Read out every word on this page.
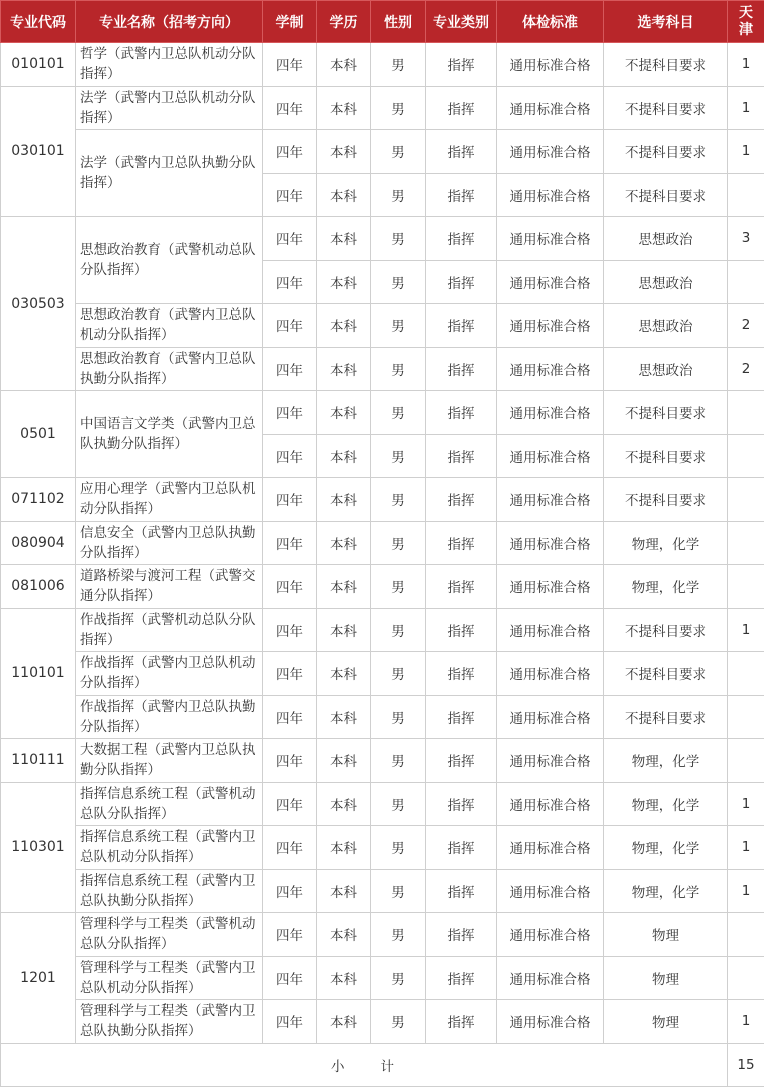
专业代码	专业名称（招考方向）	学制	学历	性别	专业类别	体检标准	选考科目	天
津
010101	哲学（武警内卫总队机动分队指挥）	四年	本科	男	指挥	通用标准合格	不提科目要求	1
030101	法学（武警内卫总队机动分队指挥）	四年	本科	男	指挥	通用标准合格	不提科目要求	1
	法学（武警内卫总队执勤分队指挥）	四年	本科	男	指挥	通用标准合格	不提科目要求	1
		四年	本科	男	指挥	通用标准合格	不提科目要求	
030503	思想政治教育（武警机动总队分队指挥）	四年	本科	男	指挥	通用标准合格	思想政治	3
		四年	本科	男	指挥	通用标准合格	思想政治	
	思想政治教育（武警内卫总队机动分队指挥）	四年	本科	男	指挥	通用标准合格	思想政治	2
	思想政治教育（武警内卫总队执勤分队指挥）	四年	本科	男	指挥	通用标准合格	思想政治	2
0501	中国语言文学类（武警内卫总队执勤分队指挥）	四年	本科	男	指挥	通用标准合格	不提科目要求	
		四年	本科	男	指挥	通用标准合格	不提科目要求	
071102	应用心理学（武警内卫总队机动分队指挥）	四年	本科	男	指挥	通用标准合格	不提科目要求	
080904	信息安全（武警内卫总队执勤分队指挥）	四年	本科	男	指挥	通用标准合格	物理，化学	
081006	道路桥梁与渡河工程（武警交通分队指挥）	四年	本科	男	指挥	通用标准合格	物理，化学	
110101	作战指挥（武警机动总队分队指挥）	四年	本科	男	指挥	通用标准合格	不提科目要求	1
	作战指挥（武警内卫总队机动分队指挥）	四年	本科	男	指挥	通用标准合格	不提科目要求	
	作战指挥（武警内卫总队执勤分队指挥）	四年	本科	男	指挥	通用标准合格	不提科目要求	
110111	大数据工程（武警内卫总队执勤分队指挥）	四年	本科	男	指挥	通用标准合格	物理，化学	
110301	指挥信息系统工程（武警机动总队分队指挥）	四年	本科	男	指挥	通用标准合格	物理，化学	1
	指挥信息系统工程（武警内卫总队机动分队指挥）	四年	本科	男	指挥	通用标准合格	物理，化学	1
	指挥信息系统工程（武警内卫总队执勤分队指挥）	四年	本科	男	指挥	通用标准合格	物理，化学	1
1201	管理科学与工程类（武警机动总队分队指挥）	四年	本科	男	指挥	通用标准合格	物理	
	管理科学与工程类（武警内卫总队机动分队指挥）	四年	本科	男	指挥	通用标准合格	物理	
	管理科学与工程类（武警内卫总队执勤分队指挥）	四年	本科	男	指挥	通用标准合格	物理	1
小　　计								15
